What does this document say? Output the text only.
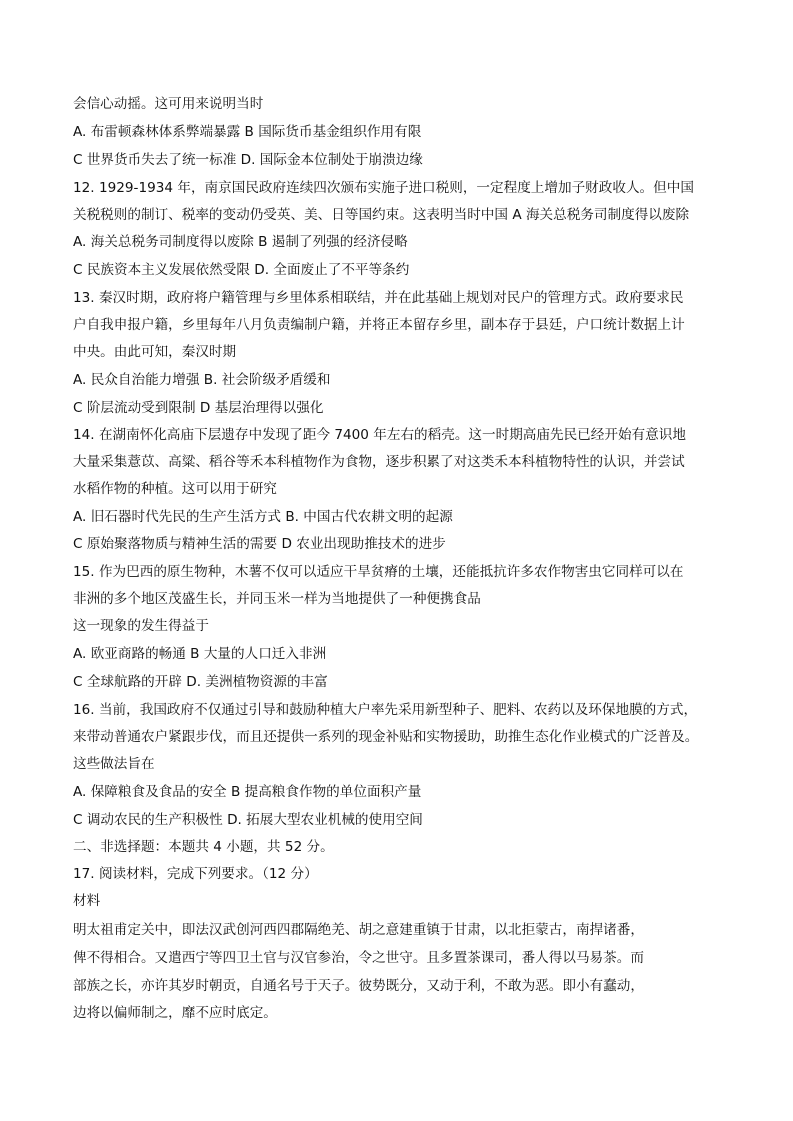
会信心动摇。这可用来说明当时
A. 布雷顿森林体系弊端暴露 B 国际货币基金组织作用有限
C 世界货币失去了统一标准 D. 国际金本位制处于崩溃边缘
12. 1929-1934 年，南京国民政府连续四次颁布实施子进口税则，一定程度上增加子财政收人。但中国
关税税则的制订、税率的变动仍受英、美、日等国约束。这表明当时中国 A 海关总税务司制度得以废除
A. 海关总税务司制度得以废除 B 遏制了列强的经济侵略
C 民族资本主义发展依然受限 D. 全面废止了不平等条约
13. 秦汉时期，政府将户籍管理与乡里体系相联结，并在此基础上规划对民户的管理方式。政府要求民
户自我申报户籍，乡里每年八月负责编制户籍，并将正本留存乡里，副本存于县廷，户口统计数据上计
中央。由此可知，秦汉时期
A. 民众自治能力增强 B. 社会阶级矛盾缓和
C 阶层流动受到限制 D 基层治理得以强化
14. 在湖南怀化高庙下层遗存中发现了距今 7400 年左右的稻壳。这一时期高庙先民已经开始有意识地
大量采集薏苡、高粱、稻谷等禾本科植物作为食物，逐步积累了对这类禾本科植物特性的认识，并尝试
水稻作物的种植。这可以用于研究
A. 旧石器时代先民的生产生活方式 B. 中国古代农耕文明的起源
C 原始聚落物质与精神生活的需要 D 农业出现助推技术的进步
15. 作为巴西的原生物种，木薯不仅可以适应干旱贫瘠的土壤，还能抵抗许多农作物害虫它同样可以在
非洲的多个地区茂盛生长，并同玉米一样为当地提供了一种便携食品
这一现象的发生得益于
A. 欧亚商路的畅通 B 大量的人口迁入非洲
C 全球航路的开辟 D. 美洲植物资源的丰富
16. 当前，我国政府不仅通过引导和鼓励种植大户率先采用新型种子、肥料、农药以及环保地膜的方式，
来带动普通农户紧跟步伐，而且还提供一系列的现金补贴和实物援助，助推生态化作业模式的广泛普及。
这些做法旨在
A. 保障粮食及食品的安全 B 提高粮食作物的单位面积产量
C 调动农民的生产积极性 D. 拓展大型农业机械的使用空间
二、非选择题：本题共 4 小题，共 52 分。
17. 阅读材料，完成下列要求。（12 分）
材料
明太祖甫定关中，即法汉武创河西四郡隔绝羌、胡之意建重镇于甘肃，以北拒蒙古，南捍诸番，
俾不得相合。又遣西宁等四卫土官与汉官参治，令之世守。且多置茶课司，番人得以马易茶。而
部族之长，亦许其岁时朝贡，自通名号于天子。彼势既分，又动于利，不敢为恶。即小有蠢动，
边将以偏师制之，靡不应时底定。
